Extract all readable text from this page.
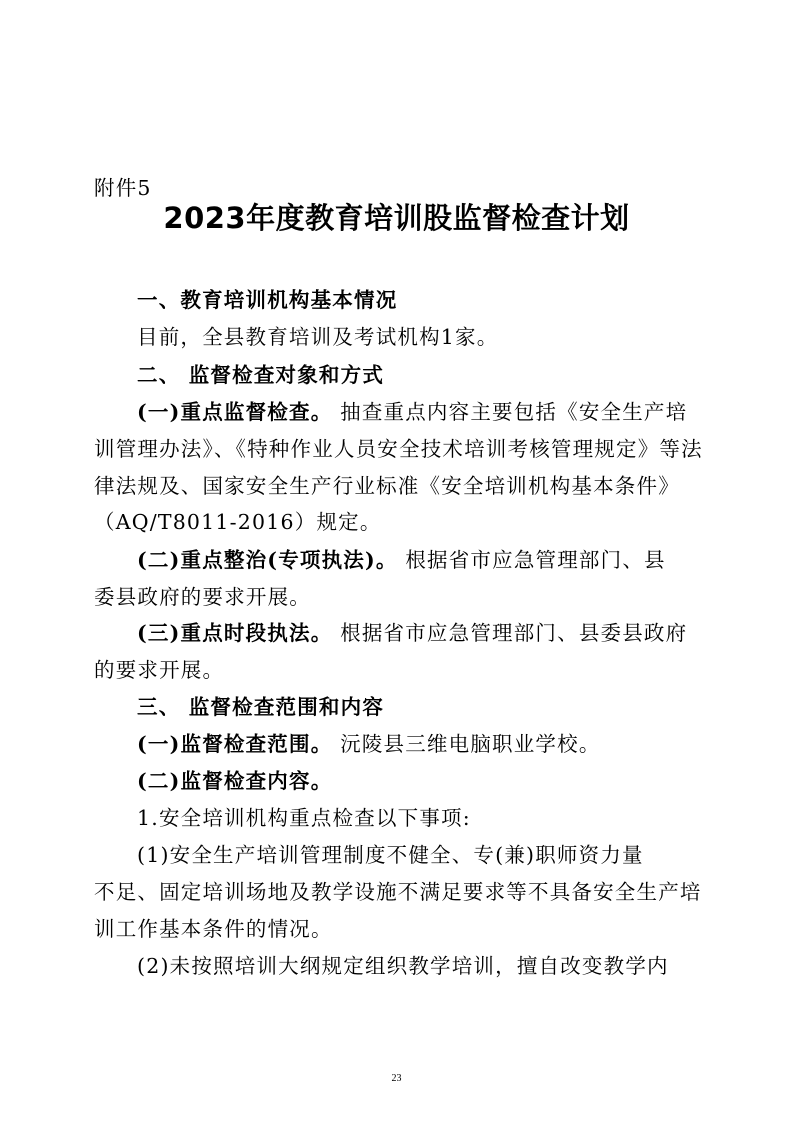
附件5
2023年度教育培训股监督检查计划
一、教育培训机构基本情况
目前，全县教育培训及考试机构1家。
二、 监督检查对象和方式
(一)重点监督检查。 抽查重点内容主要包括《安全生产培
训管理办法》、《特种作业人员安全技术培训考核管理规定》等法
律法规及、国家安全生产行业标准《安全培训机构基本条件》
（AQ/T8011-2016）规定。
(二)重点整治(专项执法)。 根据省市应急管理部门、县
委县政府的要求开展。
(三)重点时段执法。 根据省市应急管理部门、县委县政府
的要求开展。
三、 监督检查范围和内容
(一)监督检查范围。 沅陵县三维电脑职业学校。
(二)监督检查内容。
1.安全培训机构重点检查以下事项:
(1)安全生产培训管理制度不健全、专(兼)职师资力量
不足、固定培训场地及教学设施不满足要求等不具备安全生产培
训工作基本条件的情况。
(2)未按照培训大纲规定组织教学培训，擅自改变教学内
23
